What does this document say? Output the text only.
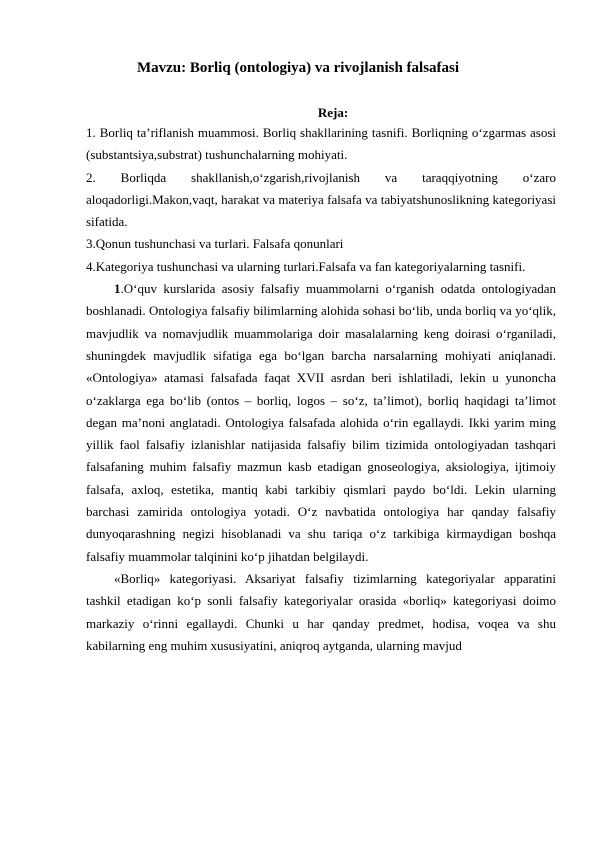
Mavzu: Borliq (ontologiya) va rivojlanish falsafasi
Reja:

1. Borliq ta’riflanish muammosi. Borliq shakllarining tasnifi. Borliqning o‘zgarmas asosi (substantsiya,substrat) tushunchalarning mohiyati.

2. Borliqda shakllanish,o‘zgarish,rivojlanish va taraqqiyotning o‘zaro aloqadorligi.Makon,vaqt, harakat va materiya falsafa va tabiyatshunoslikning kategoriyasi sifatida.

3.Qonun tushunchasi va turlari. Falsafa qonunlari

4.Kategoriya tushunchasi va ularning turlari.Falsafa va fan kategoriyalarning tasnifi.

1.O‘quv kurslarida asosiy falsafiy muammolarni o‘rganish odatda ontologiyadan boshlanadi. Ontologiya falsafiy bilimlarning alohida sohasi bo‘lib, unda borliq va yo‘qlik, mavjudlik va nomavjudlik muammolariga doir masalalarning keng doirasi o‘rganiladi, shuningdek mavjudlik sifatiga ega bo‘lgan barcha narsalarning mohiyati aniqlanadi. «Ontologiya» atamasi falsafada faqat XVII asrdan beri ishlatiladi, lekin u yunoncha o‘zaklarga ega bo‘lib (ontos – borliq, logos – so‘z, ta’limot), borliq haqidagi ta’limot degan ma’noni anglatadi. Ontologiya falsafada alohida o‘rin egallaydi. Ikki yarim ming yillik faol falsafiy izlanishlar natijasida falsafiy bilim tizimida ontologiyadan tashqari falsafaning muhim falsafiy mazmun kasb etadigan gnoseologiya, aksiologiya, ijtimoiy falsafa, axloq, estetika, mantiq kabi tarkibiy qismlari paydo bo‘ldi. Lekin ularning barchasi zamirida ontologiya yotadi. O‘z navbatida ontologiya har qanday falsafiy dunyoqarashning negizi hisoblanadi va shu tariqa o‘z tarkibiga kirmaydigan boshqa falsafiy muammolar talqinini ko‘p jihatdan belgilaydi.

«Borliq» kategoriyasi. Aksariyat falsafiy tizimlarning kategoriyalar apparatini tashkil etadigan ko‘p sonli falsafiy kategoriyalar orasida «borliq» kategoriyasi doimo markaziy o‘rinni egallaydi. Chunki u har qanday predmet, hodisa, voqea va shu kabilarning eng muhim xususiyatini, aniqroq aytganda, ularning mavjud
